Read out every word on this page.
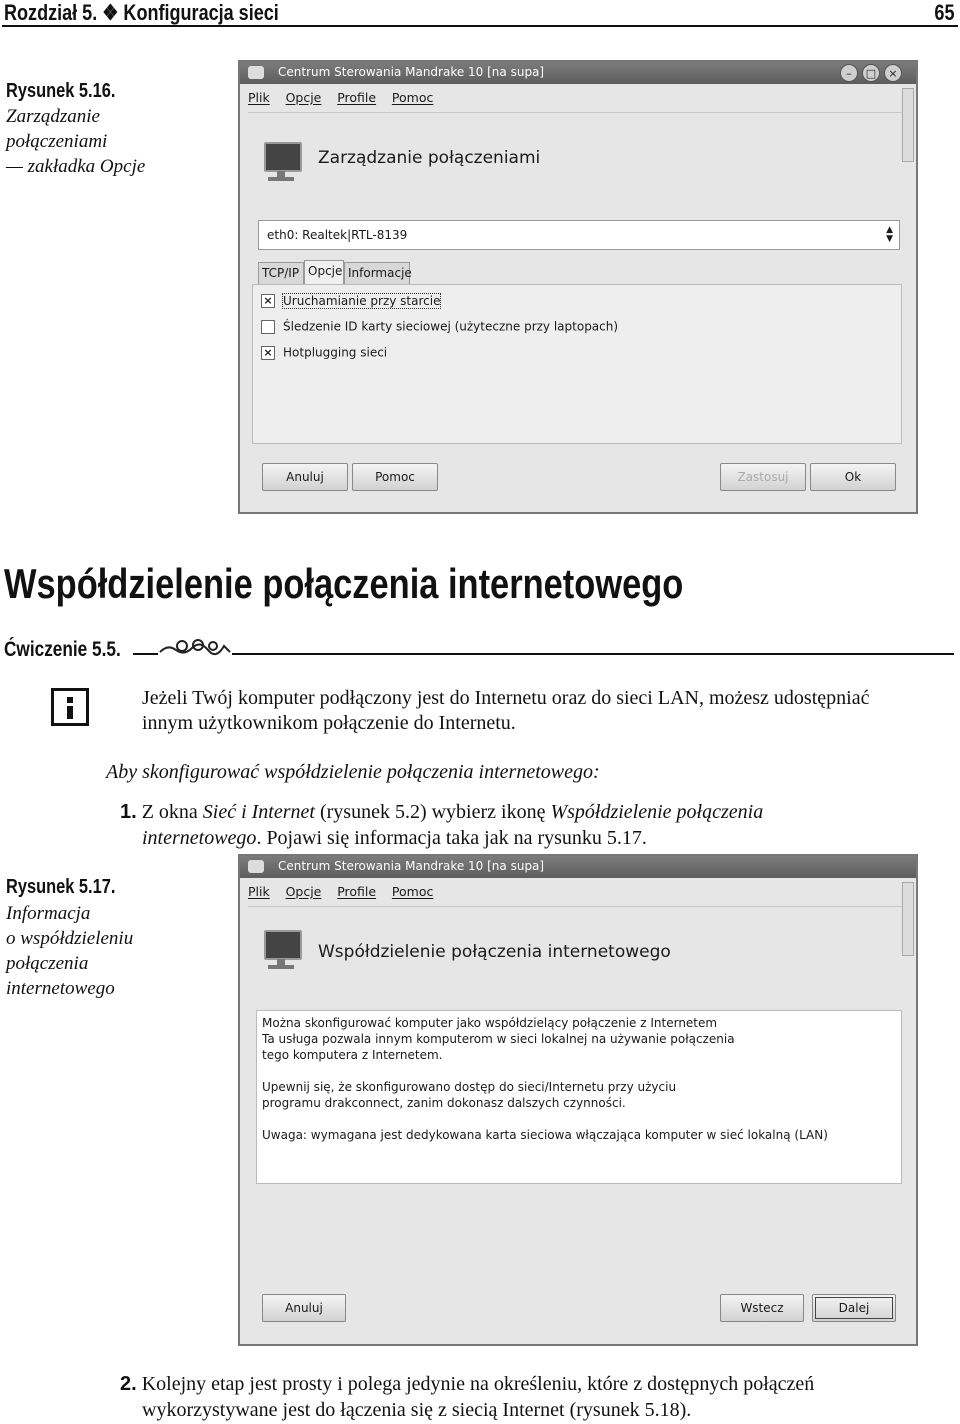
Rozdział 5. ❖ Konfiguracja sieci	65
Rysunek 5.16.
Zarządzanie
połączeniami
— zakładka Opcje
Centrum Sterowania Mandrake 10 [na supa]	–	□	×
Plik Opcje Profile Pomoc
Zarządzanie połączeniami
eth0: Realtek|RTL-8139	▲
▼
TCP/IP Opcje Informacje
× Uruchamianie przy starcie
Śledzenie ID karty sieciowej (użyteczne przy laptopach)
× Hotplugging sieci
Anuluj	Pomoc	Zastosuj	Ok
Współdzielenie połączenia internetowego
Ćwiczenie 5.5.
Jeżeli Twój komputer podłączony jest do Internetu oraz do sieci LAN, możesz udostępniać
innym użytkownikom połączenie do Internetu.
Aby skonfigurować współdzielenie połączenia internetowego:
1. Z okna Sieć i Internet (rysunek 5.2) wybierz ikonę Współdzielenie połączenia
internetowego. Pojawi się informacja taka jak na rysunku 5.17.
Rysunek 5.17.
Informacja
o współdzieleniu
połączenia
internetowego
Centrum Sterowania Mandrake 10 [na supa]
Plik Opcje Profile Pomoc
Współdzielenie połączenia internetowego

Można skonfigurować komputer jako współdzielący połączenie z Internetem

Ta usługa pozwala innym komputerom w sieci lokalnej na używanie połączenia

tego komputera z Internetem.

Upewnij się, że skonfigurowano dostęp do sieci/Internetu przy użyciu

programu drakconnect, zanim dokonasz dalszych czynności.

Uwaga: wymagana jest dedykowana karta sieciowa włączająca komputer w sieć lokalną (LAN)

Anuluj	Wstecz	Dalej
2. Kolejny etap jest prosty i polega jedynie na określeniu, które z dostępnych połączeń
wykorzystywane jest do łączenia się z siecią Internet (rysunek 5.18).
